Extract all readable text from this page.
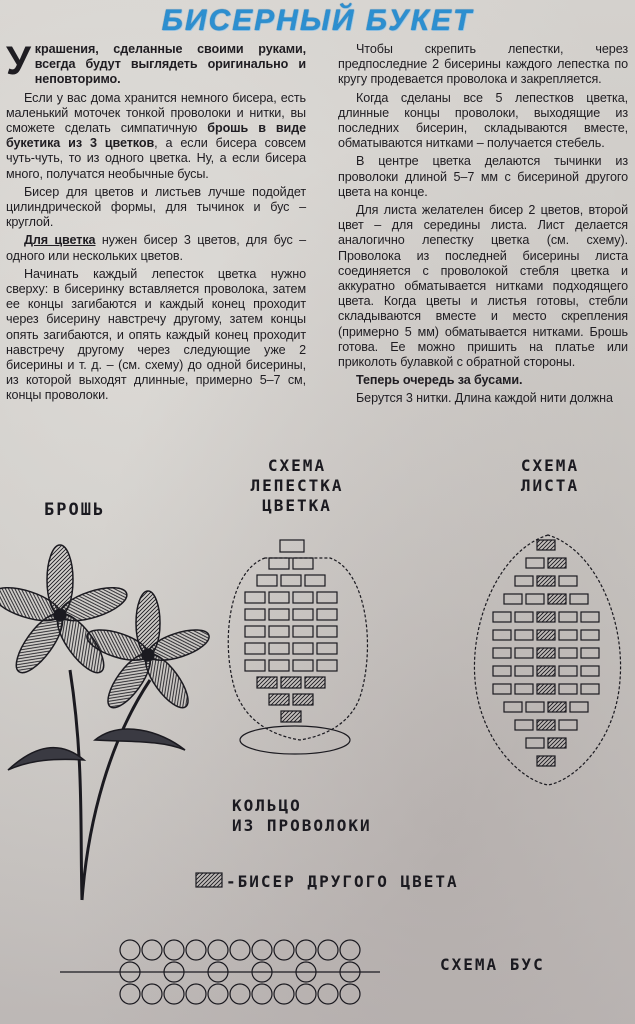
БИСЕРНЫЙ БУКЕТ

Украшения, сделанные своими руками, всегда будут выглядеть оригинально и неповторимо.

Если у вас дома хранится немного бисера, есть маленький моточек тонкой проволоки и нитки, вы сможете сделать симпатичную брошь в виде букетика из 3 цветков, а если бисера совсем чуть-чуть, то из одного цветка. Ну, а если бисера много, получатся необычные бусы.

Бисер для цветов и листьев лучше подойдет цилиндрической формы, для тычинок и бус – круглой.

Для цветка нужен бисер 3 цветов, для бус – одного или нескольких цветов.

Начинать каждый лепесток цветка нужно сверху: в бисеринку вставляется проволока, затем ее концы загибаются и каждый конец проходит через бисерину навстречу другому, затем концы опять загибаются, и опять каждый конец проходит навстречу другому через следующие уже 2 бисерины и т. д. – (см. схему) до одной бисерины, из которой выходят длинные, примерно 5–7 см, концы проволоки.

Чтобы скрепить лепестки, через предпоследние 2 бисерины каждого лепестка по кругу продевается проволока и закрепляется.

Когда сделаны все 5 лепестков цветка, длинные концы проволоки, выходящие из последних бисерин, складываются вместе, обматываются нитками – получается стебель.

В центре цветка делаются тычинки из проволоки длиной 5–7 мм с бисериной другого цвета на конце.

Для листа желателен бисер 2 цветов, второй цвет – для середины листа. Лист делается аналогично лепестку цветка (см. схему). Проволока из последней бисерины листа соединяется с проволокой стебля цветка и аккуратно обматывается нитками подходящего цвета. Когда цветы и листья готовы, стебли складываются вместе и место скрепления (примерно 5 мм) обматывается нитками. Брошь готова. Ее можно пришить на платье или приколоть булавкой с обратной стороны.

Теперь очередь за бусами.

Берутся 3 нитки. Длина каждой нити должна

СХЕМА
ЛЕПЕСТКА ЦВЕТКА
СХЕМА
ЛИСТА
БРОШЬ
КОЛЬЦО
ИЗ ПРОВОЛОКИ
-БИСЕР ДРУГОГО ЦВЕТА
СХЕМА БУС
